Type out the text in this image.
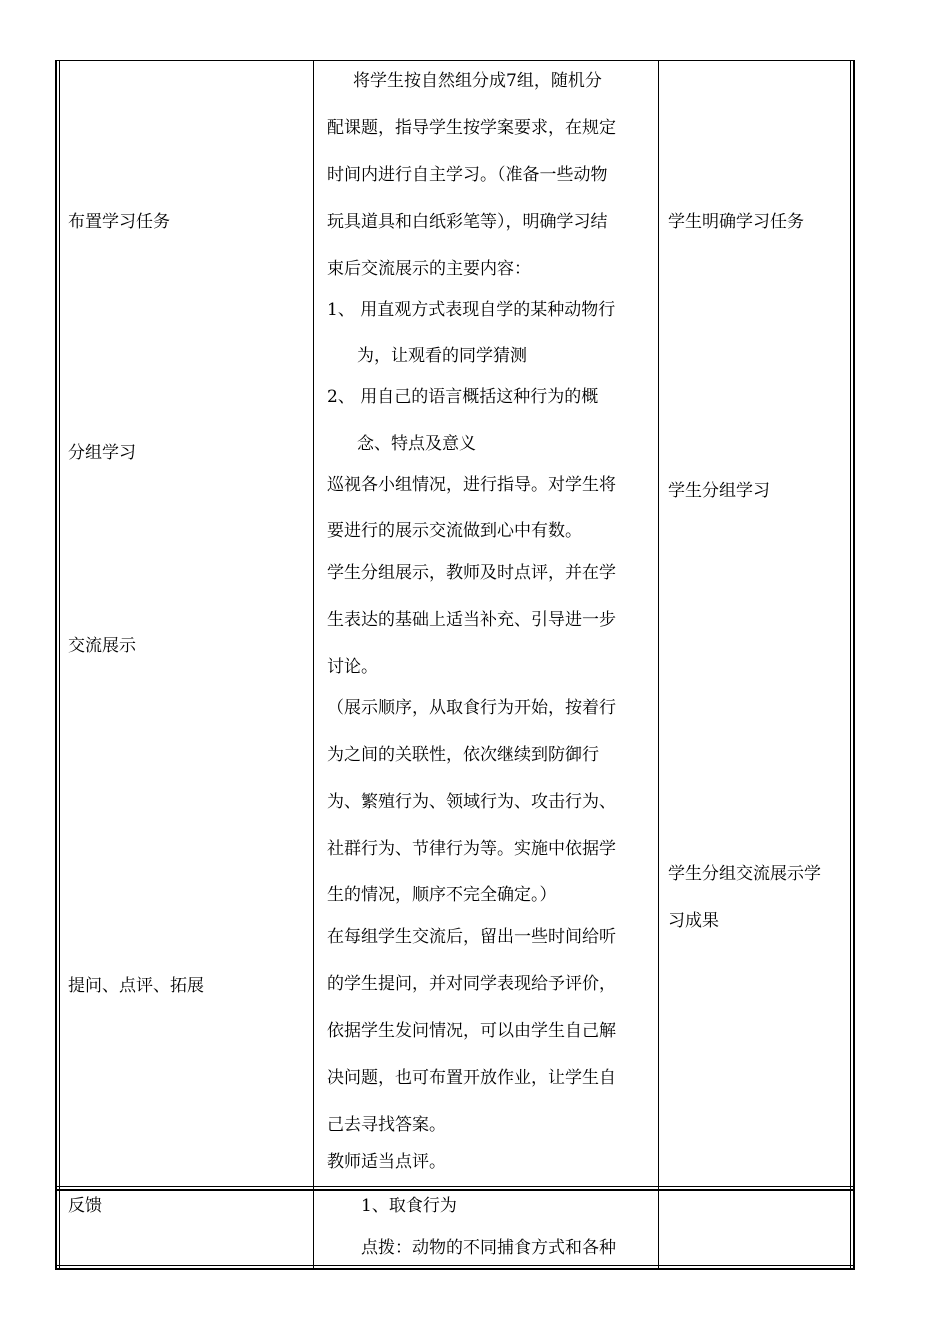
布置学习任务
分组学习
交流展示
提问、点评、拓展
反馈
将学生按自然组分成7组，随机分
配课题，指导学生按学案要求，在规定
时间内进行自主学习。（准备一些动物
玩具道具和白纸彩笔等），明确学习结
束后交流展示的主要内容：
1、 用直观方式表现自学的某种动物行
为，让观看的同学猜测
2、 用自己的语言概括这种行为的概
念、特点及意义
巡视各小组情况，进行指导。对学生将
要进行的展示交流做到心中有数。
学生分组展示，教师及时点评，并在学
生表达的基础上适当补充、引导进一步
讨论。
（展示顺序，从取食行为开始，按着行
为之间的关联性，依次继续到防御行
为、繁殖行为、领域行为、攻击行为、
社群行为、节律行为等。实施中依据学
生的情况，顺序不完全确定。）
在每组学生交流后，留出一些时间给听
的学生提问，并对同学表现给予评价，
依据学生发问情况，可以由学生自己解
决问题，也可布置开放作业，让学生自
己去寻找答案。
教师适当点评。
1、取食行为
点拨：动物的不同捕食方式和各种
学生明确学习任务
学生分组学习
学生分组交流展示学
习成果
